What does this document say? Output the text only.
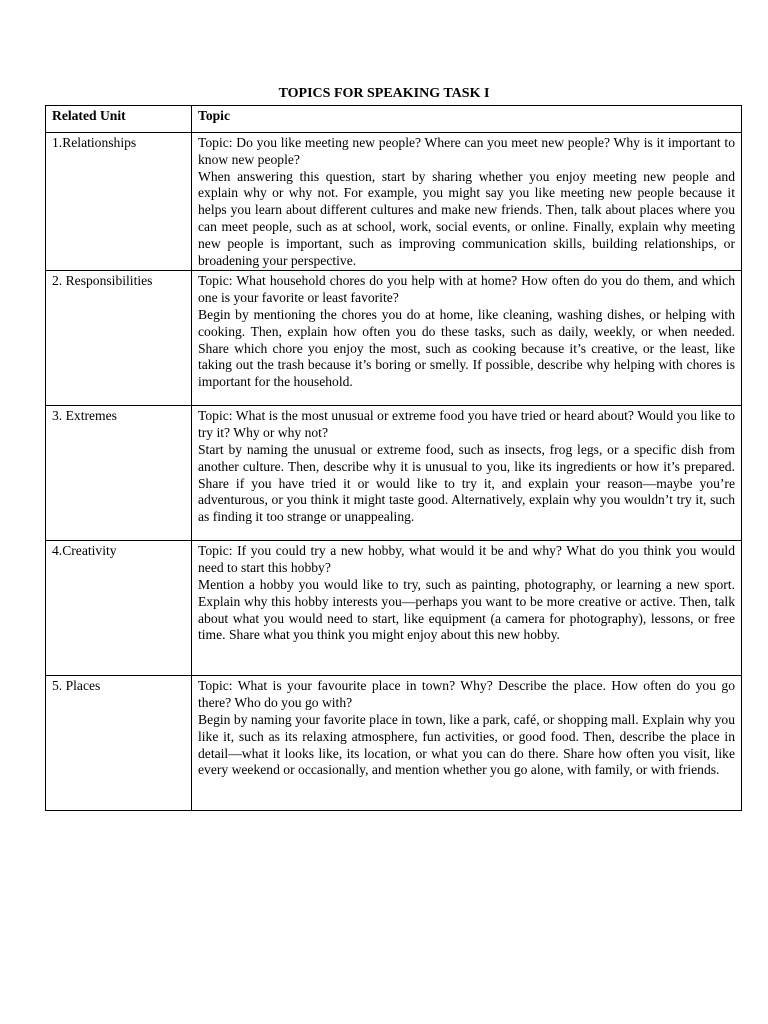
TOPICS FOR SPEAKING TASK I
Related Unit	Topic
1.Relationships	Topic: Do you like meeting new people? Where can you meet new people? Why is it important to know new people?
When answering this question, start by sharing whether you enjoy meeting new people and explain why or why not. For example, you might say you like meeting new people because it helps you learn about different cultures and make new friends. Then, talk about places where you can meet people, such as at school, work, social events, or online. Finally, explain why meeting new people is important, such as improving communication skills, building relationships, or broadening your perspective.

2. Responsibilities	Topic: What household chores do you help with at home? How often do you do them, and which one is your favorite or least favorite?
Begin by mentioning the chores you do at home, like cleaning, washing dishes, or helping with cooking. Then, explain how often you do these tasks, such as daily, weekly, or when needed. Share which chore you enjoy the most, such as cooking because it’s creative, or the least, like taking out the trash because it’s boring or smelly. If possible, describe why helping with chores is important for the household.

3. Extremes	Topic: What is the most unusual or extreme food you have tried or heard about? Would you like to try it? Why or why not?
Start by naming the unusual or extreme food, such as insects, frog legs, or a specific dish from another culture. Then, describe why it is unusual to you, like its ingredients or how it’s prepared. Share if you have tried it or would like to try it, and explain your reason—maybe you’re adventurous, or you think it might taste good. Alternatively, explain why you wouldn’t try it, such as finding it too strange or unappealing.

4.Creativity	Topic: If you could try a new hobby, what would it be and why? What do you think you would need to start this hobby?
Mention a hobby you would like to try, such as painting, photography, or learning a new sport. Explain why this hobby interests you—perhaps you want to be more creative or active. Then, talk about what you would need to start, like equipment (a camera for photography), lessons, or free time. Share what you think you might enjoy about this new hobby.

5. Places	Topic: What is your favourite place in town? Why? Describe the place. How often do you go there? Who do you go with?
Begin by naming your favorite place in town, like a park, café, or shopping mall. Explain why you like it, such as its relaxing atmosphere, fun activities, or good food. Then, describe the place in detail—what it looks like, its location, or what you can do there. Share how often you visit, like every weekend or occasionally, and mention whether you go alone, with family, or with friends.
